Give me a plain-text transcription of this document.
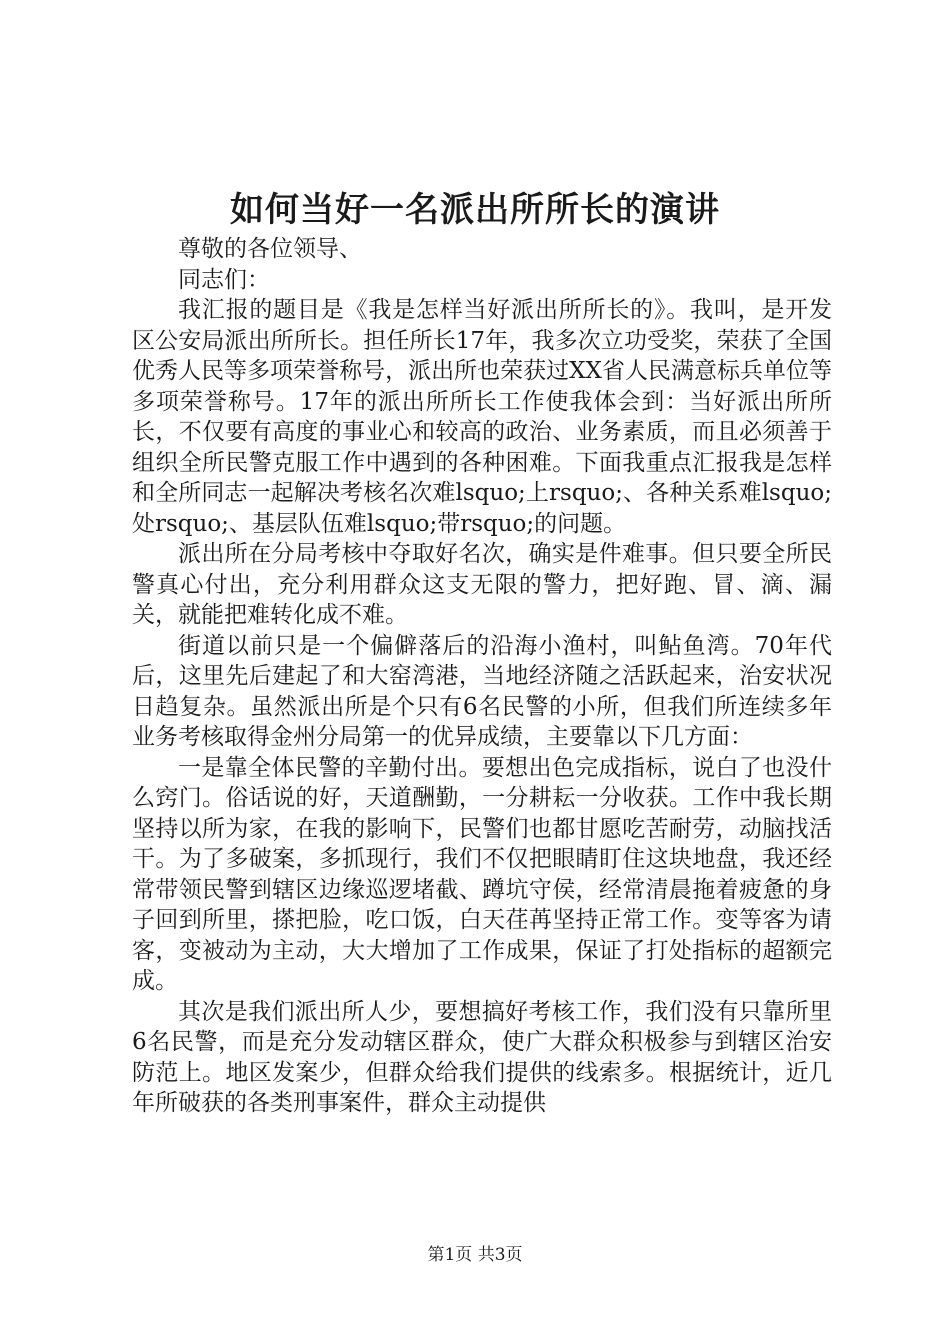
如何当好一名派出所所长的演讲

尊敬的各位领导、

同志们：

我汇报的题目是《我是怎样当好派出所所长的》。我叫，是开发区公安局派出所所长。担任所长17年，我多次立功受奖，荣获了全国优秀人民等多项荣誉称号，派出所也荣获过XX省人民满意标兵单位等多项荣誉称号。17年的派出所所长工作使我体会到：当好派出所所长，不仅要有高度的事业心和较高的政治、业务素质，而且必须善于组织全所民警克服工作中遇到的各种困难。下面我重点汇报我是怎样和全所同志一起解决考核名次难lsquo;上rsquo;、各种关系难lsquo;处rsquo;、基层队伍难lsquo;带rsquo;的问题。

派出所在分局考核中夺取好名次，确实是件难事。但只要全所民警真心付出，充分利用群众这支无限的警力，把好跑、冒、滴、漏关，就能把难转化成不难。

街道以前只是一个偏僻落后的沿海小渔村，叫鲇鱼湾。70年代后，这里先后建起了和大窑湾港，当地经济随之活跃起来，治安状况日趋复杂。虽然派出所是个只有6名民警的小所，但我们所连续多年业务考核取得金州分局第一的优异成绩，主要靠以下几方面：

一是靠全体民警的辛勤付出。要想出色完成指标，说白了也没什么窍门。俗话说的好，天道酬勤，一分耕耘一分收获。工作中我长期坚持以所为家，在我的影响下，民警们也都甘愿吃苦耐劳，动脑找活干。为了多破案，多抓现行，我们不仅把眼睛盯住这块地盘，我还经常带领民警到辖区边缘巡逻堵截、蹲坑守侯，经常清晨拖着疲惫的身子回到所里，搽把脸，吃口饭，白天荏苒坚持正常工作。变等客为请客，变被动为主动，大大增加了工作成果，保证了打处指标的超额完成。

其次是我们派出所人少，要想搞好考核工作，我们没有只靠所里6名民警，而是充分发动辖区群众，使广大群众积极参与到辖区治安防范上。地区发案少，但群众给我们提供的线索多。根据统计，近几年所破获的各类刑事案件，群众主动提供

第1页 共3页
